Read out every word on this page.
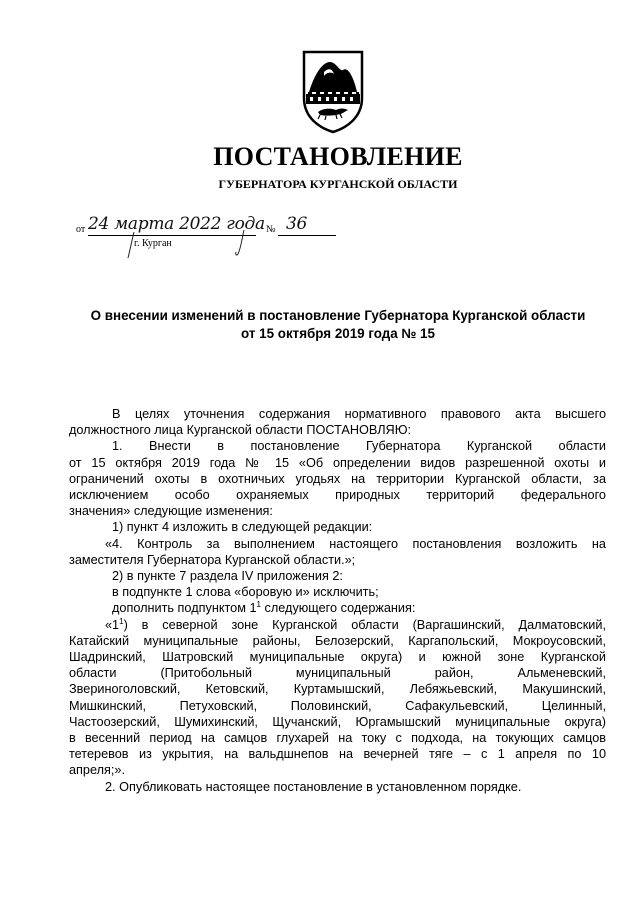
ПОСТАНОВЛЕНИЕ

ГУБЕРНАТОРА КУРГАНСКОЙ ОБЛАСТИ

от 24 марта 2022 года № 36
г. Курган
О внесении изменений в постановление Губернатора Курганской области
от 15 октября 2019 года № 15

В целях уточнения содержания нормативного правового акта высшего

должностного лица Курганской области ПОСТАНОВЛЯЮ:

1. Внести в постановление Губернатора Курганской области

от 15 октября 2019 года № 15 «Об определении видов разрешенной охоты и

ограничений охоты в охотничьих угодьях на территории Курганской области, за

исключением особо охраняемых природных территорий федерального

значения» следующие изменения:

1) пункт 4 изложить в следующей редакции:

«4. Контроль за выполнением настоящего постановления возложить на

заместителя Губернатора Курганской области.»;

2) в пункте 7 раздела IV приложения 2:

в подпункте 1 слова «боровую и» исключить;

дополнить подпунктом $1^1$ следующего содержания:

«$1^1$) в северной зоне Курганской области (Варгашинский, Далматовский,

Катайский муниципальные районы, Белозерский, Каргапольский, Мокроусовский,

Шадринский, Шатровский муниципальные округа) и южной зоне Курганской

области (Притобольный муниципальный район, Альменевский,

Звериноголовский, Кетовский, Куртамышский, Лебяжьевский, Макушинский,

Мишкинский, Петуховский, Половинский, Сафакульевский, Целинный,

Частоозерский, Шумихинский, Щучанский, Юргамышский муниципальные округа)

в весенний период на самцов глухарей на току с подхода, на токующих самцов

тетеревов из укрытия, на вальдшнепов на вечерней тяге – с 1 апреля по 10

апреля;».

2. Опубликовать настоящее постановление в установленном порядке.
